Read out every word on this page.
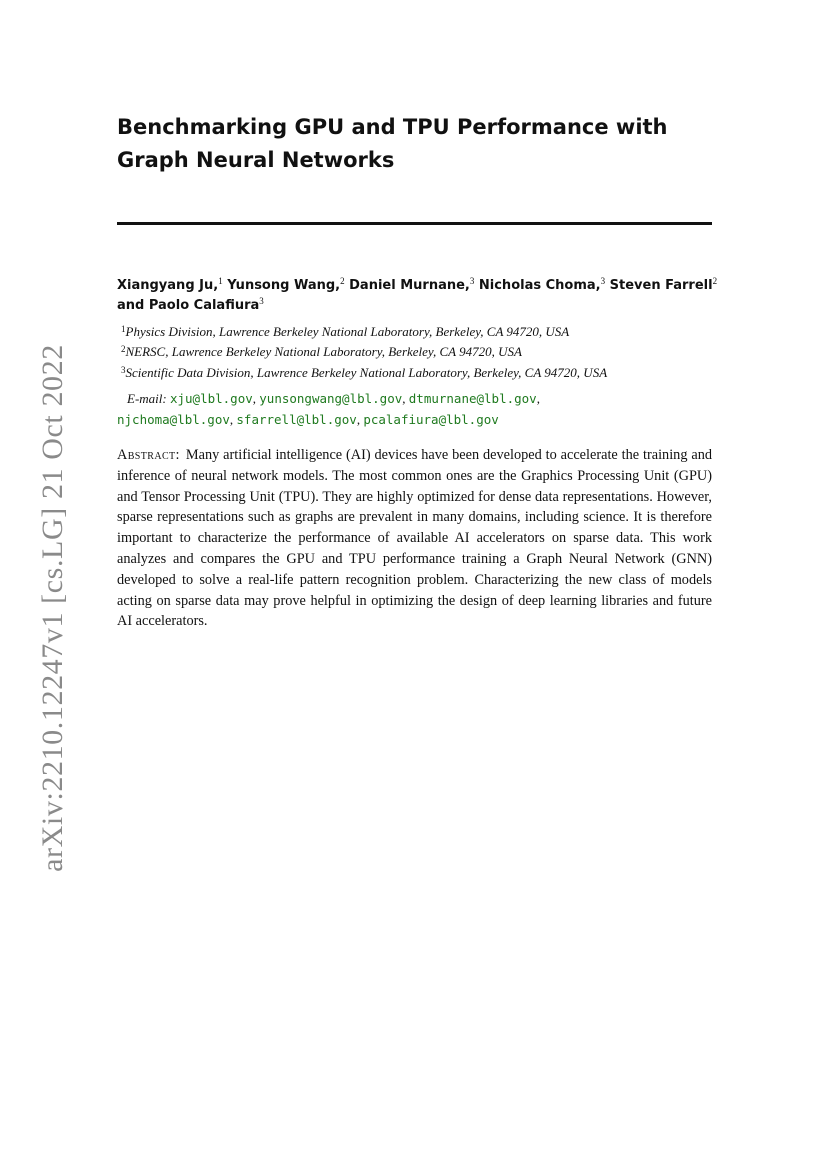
arXiv:2210.12247v1 [cs.LG] 21 Oct 2022
Benchmarking GPU and TPU Performance with
Graph Neural Networks
Xiangyang Ju,$^1$ Yunsong Wang,$^2$ Daniel Murnane,$^3$ Nicholas Choma,$^3$ Steven Farrell$^2$
and Paolo Calafiura$^3$
$^1$Physics Division, Lawrence Berkeley National Laboratory, Berkeley, CA 94720, USA
$^2$NERSC, Lawrence Berkeley National Laboratory, Berkeley, CA 94720, USA
$^3$Scientific Data Division, Lawrence Berkeley National Laboratory, Berkeley, CA 94720, USA
E-mail: xju@lbl.gov, yunsongwang@lbl.gov, dtmurnane@lbl.gov,
njchoma@lbl.gov, sfarrell@lbl.gov, pcalafiura@lbl.gov

Abstract: Many artificial intelligence (AI) devices have been developed to accelerate the training and inference of neural network models. The most common ones are the Graphics Processing Unit (GPU) and Tensor Processing Unit (TPU). They are highly optimized for dense data representations. However, sparse representations such as graphs are prevalent in many domains, including science. It is therefore important to characterize the performance of available AI accelerators on sparse data. This work analyzes and compares the GPU and TPU performance training a Graph Neural Network (GNN) developed to solve a real-life pattern recognition problem. Characterizing the new class of models acting on sparse data may prove helpful in optimizing the design of deep learning libraries and future AI accelerators.
